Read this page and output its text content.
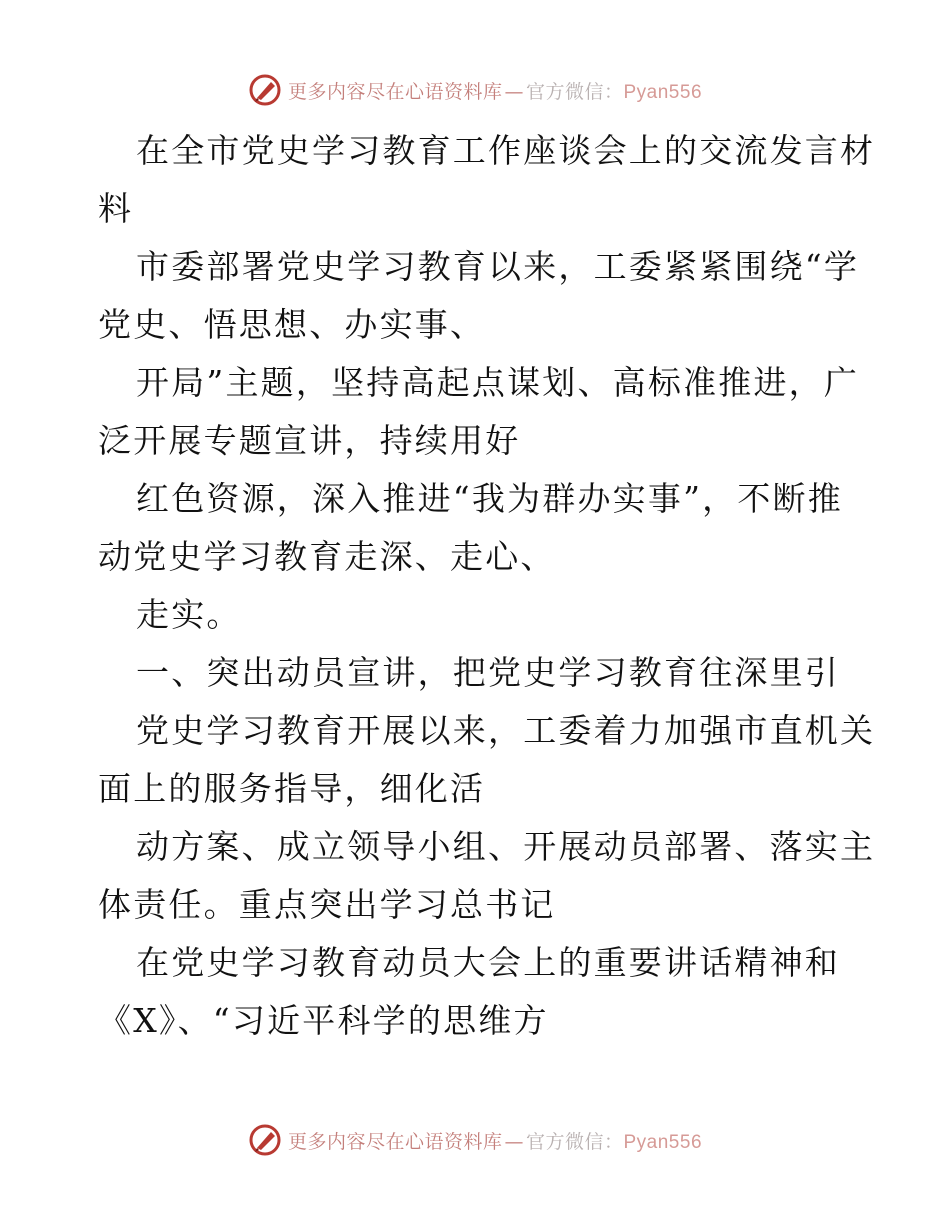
更多内容尽在心语资料库 — 官方微信：Pyan556

在全市党史学习教育工作座谈会上的交流发言材

料

市委部署党史学习教育以来，工委紧紧围绕“学

党史、悟思想、办实事、

开局”主题，坚持高起点谋划、高标准推进，广

泛开展专题宣讲，持续用好

红色资源，深入推进“我为群办实事”，不断推

动党史学习教育走深、走心、

走实。

一、突出动员宣讲，把党史学习教育往深里引

党史学习教育开展以来，工委着力加强市直机关

面上的服务指导，细化活

动方案、成立领导小组、开展动员部署、落实主

体责任。重点突出学习总书记

在党史学习教育动员大会上的重要讲话精神和

《X》、“习近平科学的思维方

更多内容尽在心语资料库 — 官方微信：Pyan556
